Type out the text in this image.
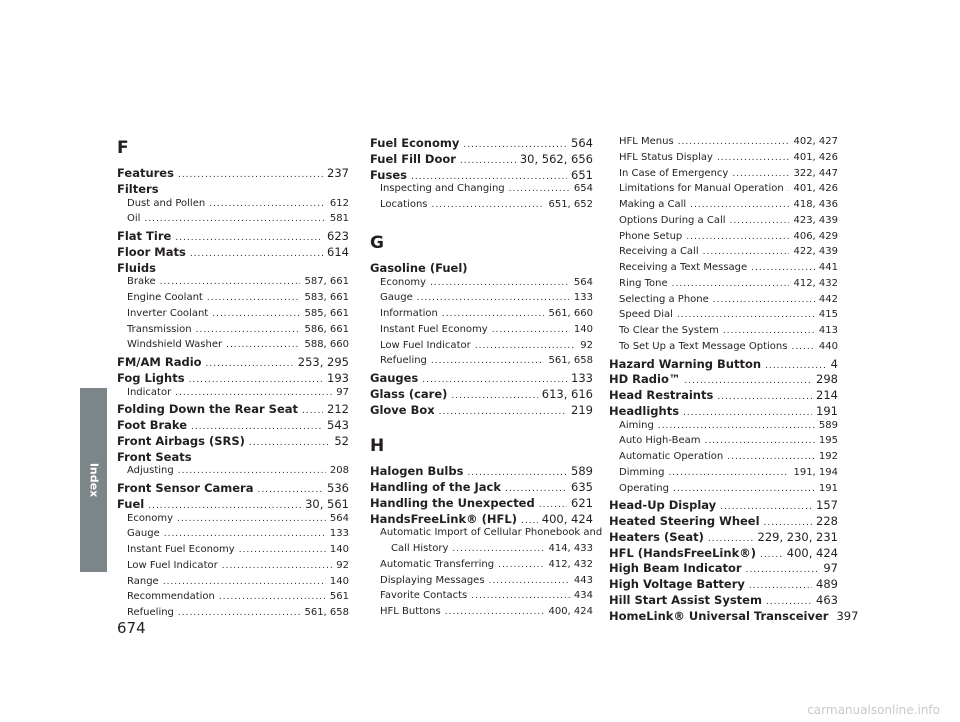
Index
674
carmanualsonline.info
F
Features .....	237
Filters
Dust and Pollen .....	612
Oil .....	581
Flat Tire .....	623
Floor Mats .....	614
Fluids
Brake .....	587, 661
Engine Coolant .....	583, 661
Inverter Coolant .....	585, 661
Transmission .....	586, 661
Windshield Washer .....	588, 660
FM/AM Radio .....	253, 295
Fog Lights .....	193
Indicator .....	97
Folding Down the Rear Seat .....	212
Foot Brake .....	543
Front Airbags (SRS) .....	52
Front Seats
Adjusting .....	208
Front Sensor Camera .....	536
Fuel .....	30, 561
Economy .....	564
Gauge .....	133
Instant Fuel Economy .....	140
Low Fuel Indicator .....	92
Range .....	140
Recommendation .....	561
Refueling .....	561, 658
Fuel Economy .....	564
Fuel Fill Door .....	30, 562, 656
Fuses .....	651
Inspecting and Changing .....	654
Locations .....	651, 652
G
Gasoline (Fuel)
Economy .....	564
Gauge .....	133
Information .....	561, 660
Instant Fuel Economy .....	140
Low Fuel Indicator .....	92
Refueling .....	561, 658
Gauges .....	133
Glass (care) .....	613, 616
Glove Box .....	219
H
Halogen Bulbs .....	589
Handling of the Jack .....	635
Handling the Unexpected .....	621
HandsFreeLink® (HFL) ..... 400, 424
Automatic Import of Cellular Phonebook and
Call History .....	414, 433
Automatic Transferring .....	412, 432
Displaying Messages .....	443
Favorite Contacts .....	434
HFL Buttons .....	400, 424
HFL Menus .....	402, 427
HFL Status Display .....	401, 426
In Case of Emergency .....	322, 447
Limitations for Manual Operation ..... 401, 426
Making a Call .....	418, 436
Options During a Call .....	423, 439
Phone Setup .....	406, 429
Receiving a Call .....	422, 439
Receiving a Text Message .....	441
Ring Tone .....	412, 432
Selecting a Phone .....	442
Speed Dial .....	415
To Clear the System .....	413
To Set Up a Text Message Options .....	440
Hazard Warning Button .....	4
HD Radio™ .....	298
Head Restraints .....	214
Headlights .....	191
Aiming .....	589
Auto High-Beam .....	195
Automatic Operation .....	192
Dimming .....	191, 194
Operating .....	191
Head-Up Display .....	157
Heated Steering Wheel .....	228
Heaters (Seat) .....	229, 230, 231
HFL (HandsFreeLink®) .....	400, 424
High Beam Indicator .....	97
High Voltage Battery .....	489
Hill Start Assist System .....	463
HomeLink® Universal Transceiver 397
